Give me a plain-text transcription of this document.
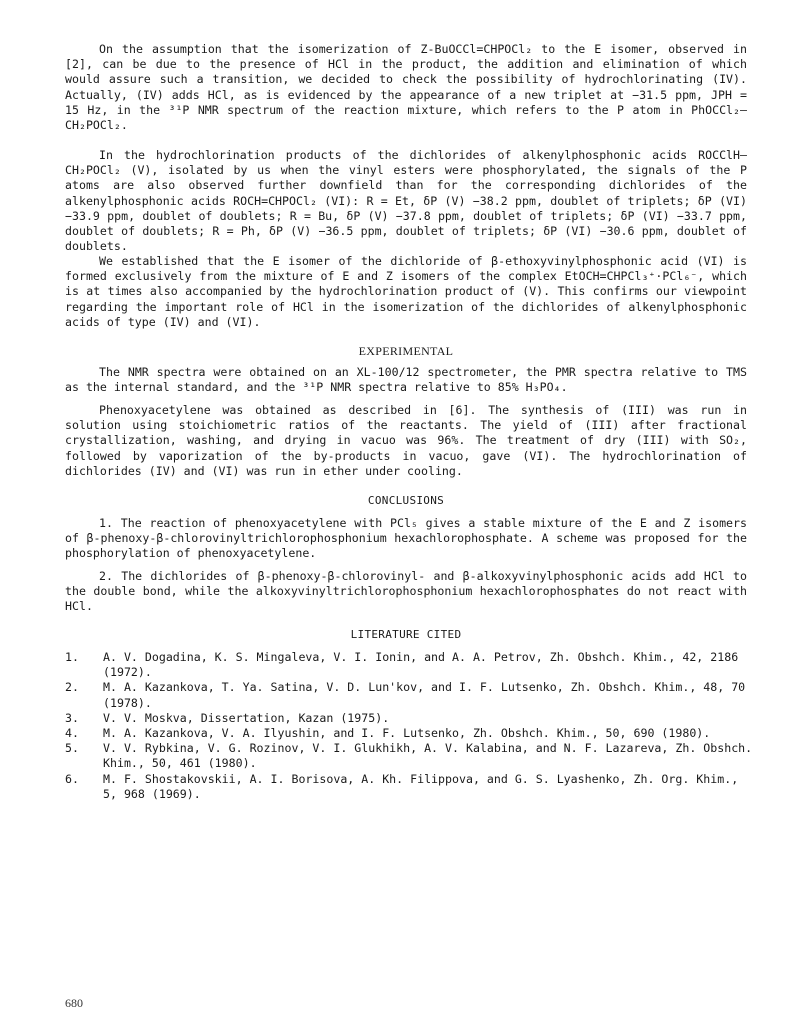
On the assumption that the isomerization of Z-BuOCCl=CHPOCl₂ to the E isomer, observed in [2], can be due to the presence of HCl in the product, the addition and elimination of which would assure such a transition, we decided to check the possibility of hydrochlorinating (IV). Actually, (IV) adds HCl, as is evidenced by the appearance of a new triplet at −31.5 ppm, JPH = 15 Hz, in the ³¹P NMR spectrum of the reaction mixture, which refers to the P atom in PhOCCl₂—CH₂POCl₂.
In the hydrochlorination products of the dichlorides of alkenylphosphonic acids ROCClH—CH₂POCl₂ (V), isolated by us when the vinyl esters were phosphorylated, the signals of the P atoms are also observed further downfield than for the corresponding dichlorides of the alkenylphosphonic acids ROCH=CHPOCl₂ (VI): R = Et, δP (V) −38.2 ppm, doublet of triplets; δP (VI) −33.9 ppm, doublet of doublets; R = Bu, δP (V) −37.8 ppm, doublet of triplets; δP (VI) −33.7 ppm, doublet of doublets; R = Ph, δP (V) −36.5 ppm, doublet of triplets; δP (VI) −30.6 ppm, doublet of doublets.
We established that the E isomer of the dichloride of β-ethoxyvinylphosphonic acid (VI) is formed exclusively from the mixture of E and Z isomers of the complex EtOCH=CHPCl₃⁺·PCl₆⁻, which is at times also accompanied by the hydrochlorination product of (V). This confirms our viewpoint regarding the important role of HCl in the isomerization of the dichlorides of alkenylphosphonic acids of type (IV) and (VI).
EXPERIMENTAL
The NMR spectra were obtained on an XL-100/12 spectrometer, the PMR spectra relative to TMS as the internal standard, and the ³¹P NMR spectra relative to 85% H₃PO₄.
Phenoxyacetylene was obtained as described in [6]. The synthesis of (III) was run in solution using stoichiometric ratios of the reactants. The yield of (III) after fractional crystallization, washing, and drying in vacuo was 96%. The treatment of dry (III) with SO₂, followed by vaporization of the by-products in vacuo, gave (VI). The hydrochlorination of dichlorides (IV) and (VI) was run in ether under cooling.
CONCLUSIONS
1. The reaction of phenoxyacetylene with PCl₅ gives a stable mixture of the E and Z isomers of β-phenoxy-β-chlorovinyltrichlorophosphonium hexachlorophosphate. A scheme was proposed for the phosphorylation of phenoxyacetylene.
2. The dichlorides of β-phenoxy-β-chlorovinyl- and β-alkoxyvinylphosphonic acids add HCl to the double bond, while the alkoxyvinyltrichlorophosphonium hexachlorophosphates do not react with HCl.
LITERATURE CITED
1. A. V. Dogadina, K. S. Mingaleva, V. I. Ionin, and A. A. Petrov, Zh. Obshch. Khim., 42, 2186 (1972).
2. M. A. Kazankova, T. Ya. Satina, V. D. Lun'kov, and I. F. Lutsenko, Zh. Obshch. Khim., 48, 70 (1978).
3. V. V. Moskva, Dissertation, Kazan (1975).
4. M. A. Kazankova, V. A. Ilyushin, and I. F. Lutsenko, Zh. Obshch. Khim., 50, 690 (1980).
5. V. V. Rybkina, V. G. Rozinov, V. I. Glukhikh, A. V. Kalabina, and N. F. Lazareva, Zh. Obshch. Khim., 50, 461 (1980).
6. M. F. Shostakovskii, A. I. Borisova, A. Kh. Filippova, and G. S. Lyashenko, Zh. Org. Khim., 5, 968 (1969).
680
